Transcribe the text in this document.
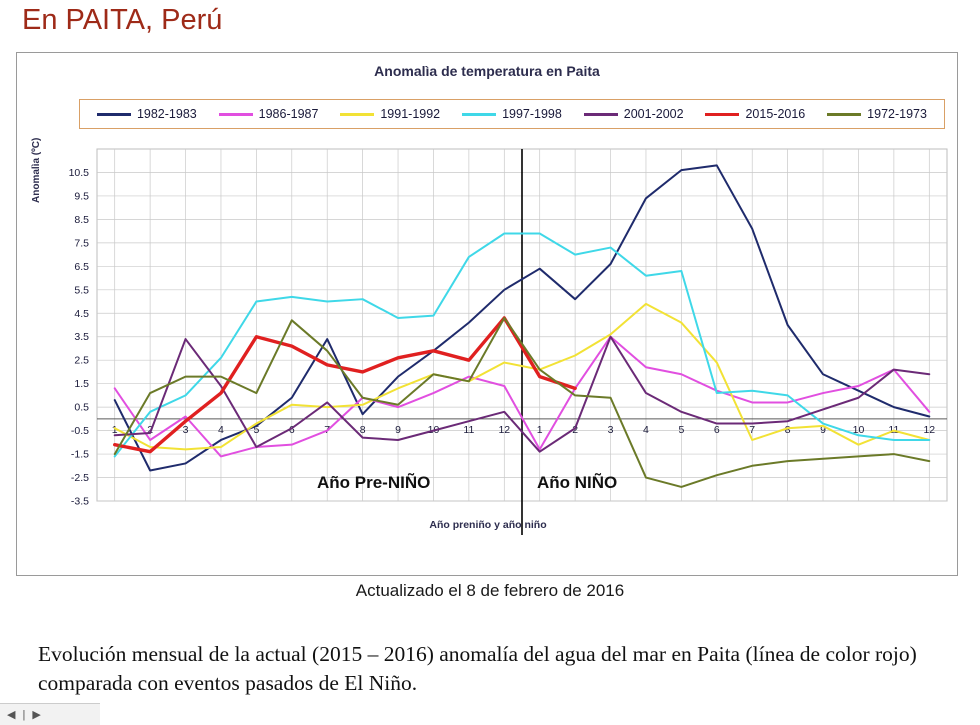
En PAITA, Perú
Anomalìa de temperatura en Paita
1982-1983	1986-1987	1991-1992	1997-1998	2001-2002	2015-2016	1972-1973
-3.5
-2.5
-1.5
-0.5
0.5
1.5
2.5
3.5
4.5
5.5
6.5
7.5
8.5
9.5
10.5
1	2	3	4	5	6	7	8	9	10 11 12	1	2	3	4	5	6	7	8	9	10 11 12
Anomalìa (ºC)
Año preniño y año niño
Año Pre-NIÑO	Año NIÑO
Actualizado el 8 de febrero de 2016
Evolución mensual de la actual (2015 – 2016) anomalía del agua del mar en Paita (línea de color rojo) comparada con eventos pasados de El Niño.
◀ | ▶
